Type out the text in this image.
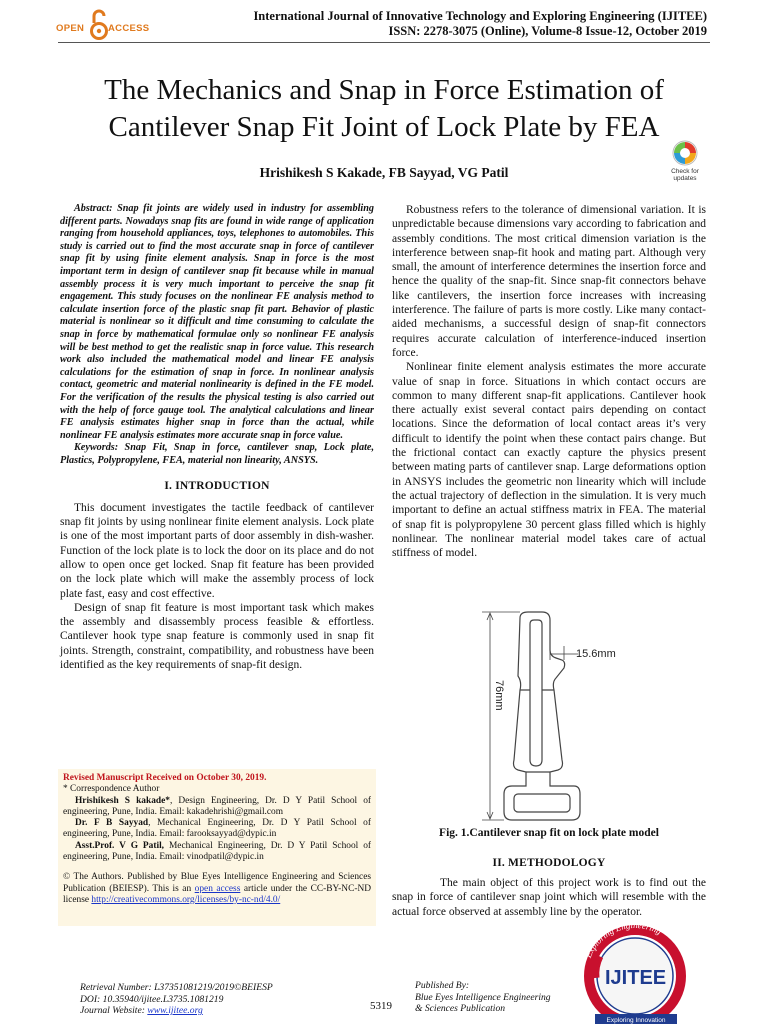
OPEN	ACCESS
International Journal of Innovative Technology and Exploring Engineering (IJITEE)
ISSN: 2278-3075 (Online), Volume-8 Issue-12, October 2019
The Mechanics and Snap in Force Estimation of
Cantilever Snap Fit Joint of Lock Plate by FEA
Hrishikesh S Kakade, FB Sayyad, VG Patil	Check for
updates

Abstract: Snap fit joints are widely used in industry for assembling different parts. Nowadays snap fits are found in wide range of application ranging from household appliances, toys, telephones to automobiles. This study is carried out to find the most accurate snap in force of cantilever snap fit by using finite element analysis. Snap in force is the most important term in design of cantilever snap fit because while in manual assembly process it is very much important to perceive the snap fit engagement. This study focuses on the nonlinear FE analysis method to calculate insertion force of the plastic snap fit part. Behavior of plastic material is nonlinear so it difficult and time consuming to calculate the snap in force by mathematical formulae only so nonlinear FE analysis will be best method to get the realistic snap in force value. This research work also included the mathematical model and linear FE analysis calculations for the estimation of snap in force. In nonlinear analysis contact, geometric and material nonlinearity is defined in the FE model. For the verification of the results the physical testing is also carried out with the help of force gauge tool. The analytical calculations and linear FE analysis estimates higher snap in force than the actual, while nonlinear FE analysis estimates more accurate snap in force value.

Keywords: Snap Fit, Snap in force, cantilever snap, Lock plate, Plastics, Polypropylene, FEA, material non linearity, ANSYS.

I. INTRODUCTION

This document investigates the tactile feedback of cantilever snap fit joints by using nonlinear finite element analysis. Lock plate is one of the most important parts of door assembly in dish-washer. Function of the lock plate is to lock the door on its place and do not allow to open once get locked. Snap fit feature has been provided on the lock plate which will make the assembly process of lock plate fast, easy and cost effective.

Design of snap fit feature is most important task which makes the assembly and disassembly process feasible & effortless. Cantilever hook type snap feature is commonly used in snap fit joints. Strength, constraint, compatibility, and robustness have been identified as the key requirements of snap-fit design.

Revised Manuscript Received on October 30, 2019.

* Correspondence Author

Hrishikesh S kakade*, Design Engineering, Dr. D Y Patil School of engineering, Pune, India. Email: kakadehrishi@gmail.com

Dr. F B Sayyad, Mechanical Engineering, Dr. D Y Patil School of engineering, Pune, India. Email: farooksayyad@dypic.in

Asst.Prof. V G Patil, Mechanical Engineering, Dr. D Y Patil School of engineering, Pune, India. Email: vinodpatil@dypic.in

© The Authors. Published by Blue Eyes Intelligence Engineering and Sciences Publication (BEIESP). This is an open access article under the CC-BY-NC-ND license http://creativecommons.org/licenses/by-nc-nd/4.0/

Robustness refers to the tolerance of dimensional variation. It is unpredictable because dimensions vary according to fabrication and assembly conditions. The most critical dimension variation is the interference between snap-fit hook and mating part. Although very small, the amount of interference determines the insertion force and hence the quality of the snap-fit. Since snap-fit connectors behave like cantilevers, the insertion force increases with increasing interference. The failure of parts is more costly. Like many contact-aided mechanisms, a successful design of snap-fit connectors requires accurate calculation of interference-induced insertion force.

Nonlinear finite element analysis estimates the more accurate value of snap in force. Situations in which contact occurs are common to many different snap-fit applications. Cantilever hook there actually exist several contact pairs depending on contact locations. Since the deformation of local contact areas it’s very difficult to identify the point when these contact pairs change. But the frictional contact can exactly capture the physics present between mating parts of cantilever snap. Large deformations option in ANSYS includes the geometric non linearity which will include the actual trajectory of deflection in the simulation. It is very much important to define an actual stiffness matrix in FEA. The material of snap fit is polypropylene 30 percent glass filled which is highly nonlinear. The nonlinear material model takes care of actual stiffness of model.

15.6mm
76mm
Fig. 1.Cantilever snap fit on lock plate model
II. METHODOLOGY

The main object of this project work is to find out the snap in force of cantilever snap joint which will resemble with the actual force observed at assembly line by the operator.

Retrieval Number: L37351081219/2019©BEIESP
DOI: 10.35940/ijitee.L3735.1081219
Journal Website: www.ijitee.org	5319
Published By:
Blue Eyes Intelligence Engineering
& Sciences Publication
Exploring Engineering
IJITEE
Exploring Innovation
